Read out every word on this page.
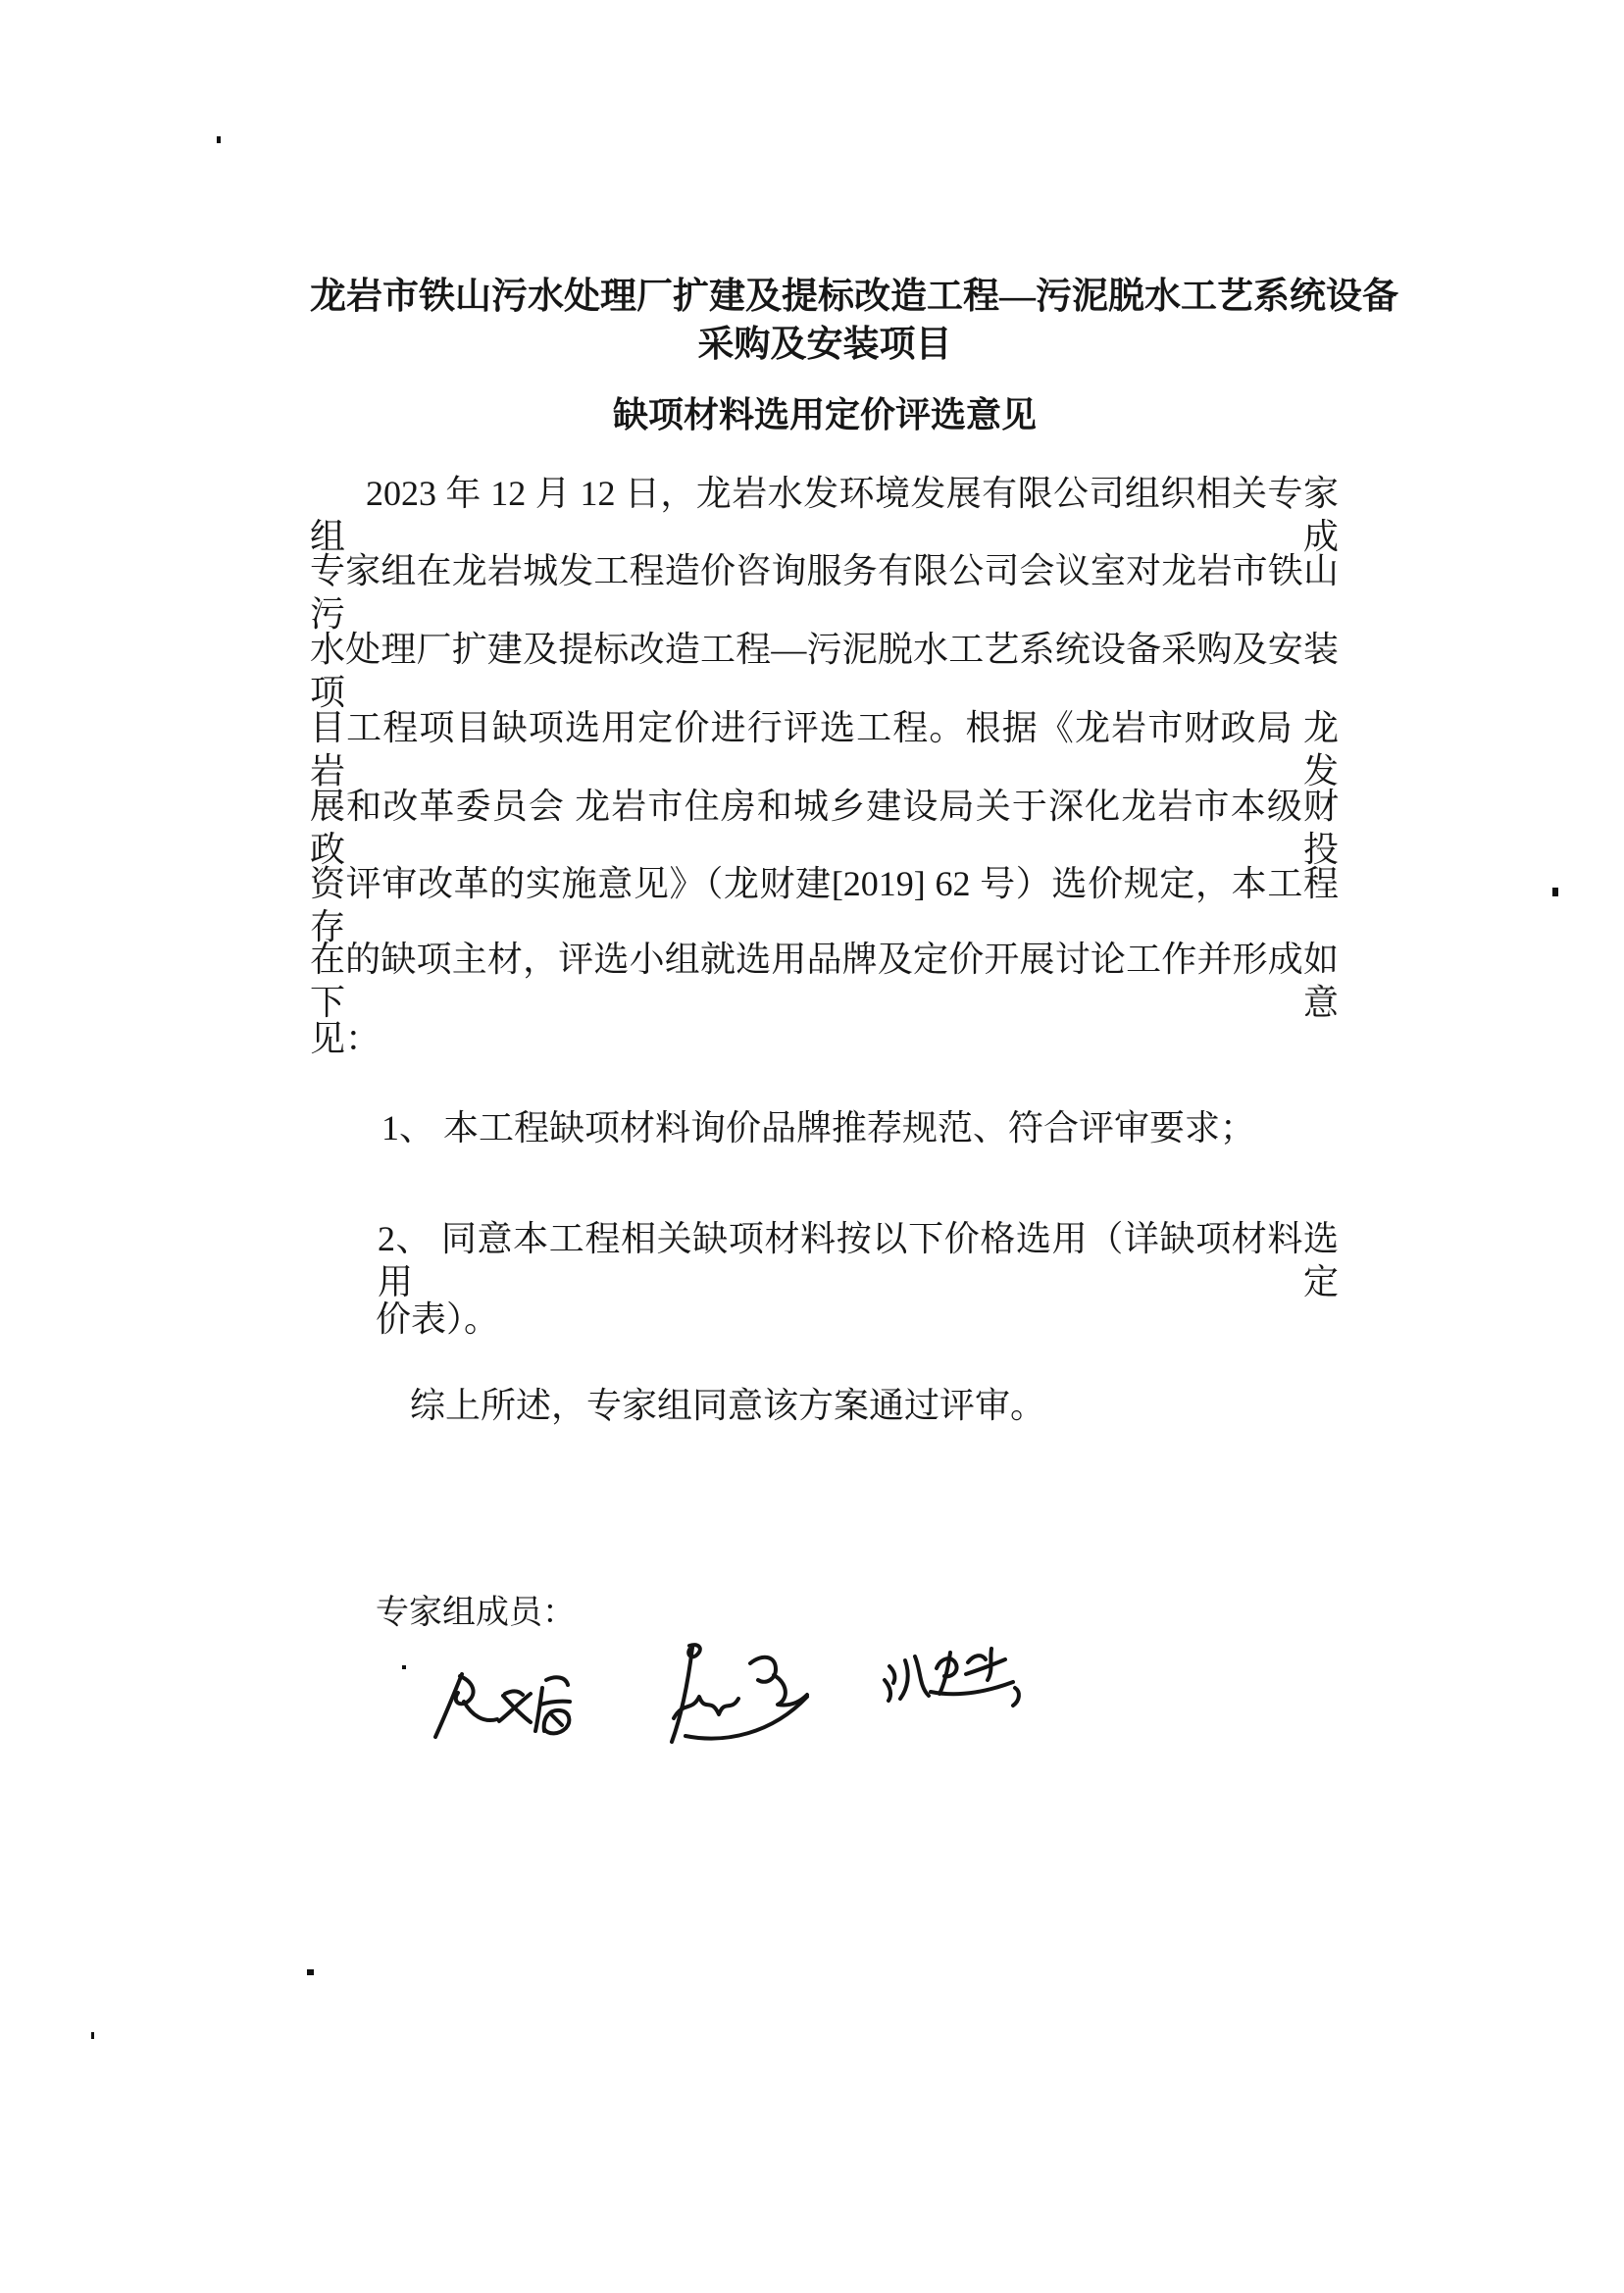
龙岩市铁山污水处理厂扩建及提标改造工程—污泥脱水工艺系统设备
采购及安装项目
缺项材料选用定价评选意见
2023 年 12 月 12 日，龙岩水发环境发展有限公司组织相关专家组成
专家组在龙岩城发工程造价咨询服务有限公司会议室对龙岩市铁山污
水处理厂扩建及提标改造工程—污泥脱水工艺系统设备采购及安装项
目工程项目缺项选用定价进行评选工程。根据《龙岩市财政局 龙岩发
展和改革委员会 龙岩市住房和城乡建设局关于深化龙岩市本级财政投
资评审改革的实施意见》（龙财建[2019] 62 号）选价规定，本工程存
在的缺项主材，评选小组就选用品牌及定价开展讨论工作并形成如下意
见：
1、 本工程缺项材料询价品牌推荐规范、符合评审要求；
2、 同意本工程相关缺项材料按以下价格选用（详缺项材料选用定
价表）。
综上所述，专家组同意该方案通过评审。
专家组成员：
